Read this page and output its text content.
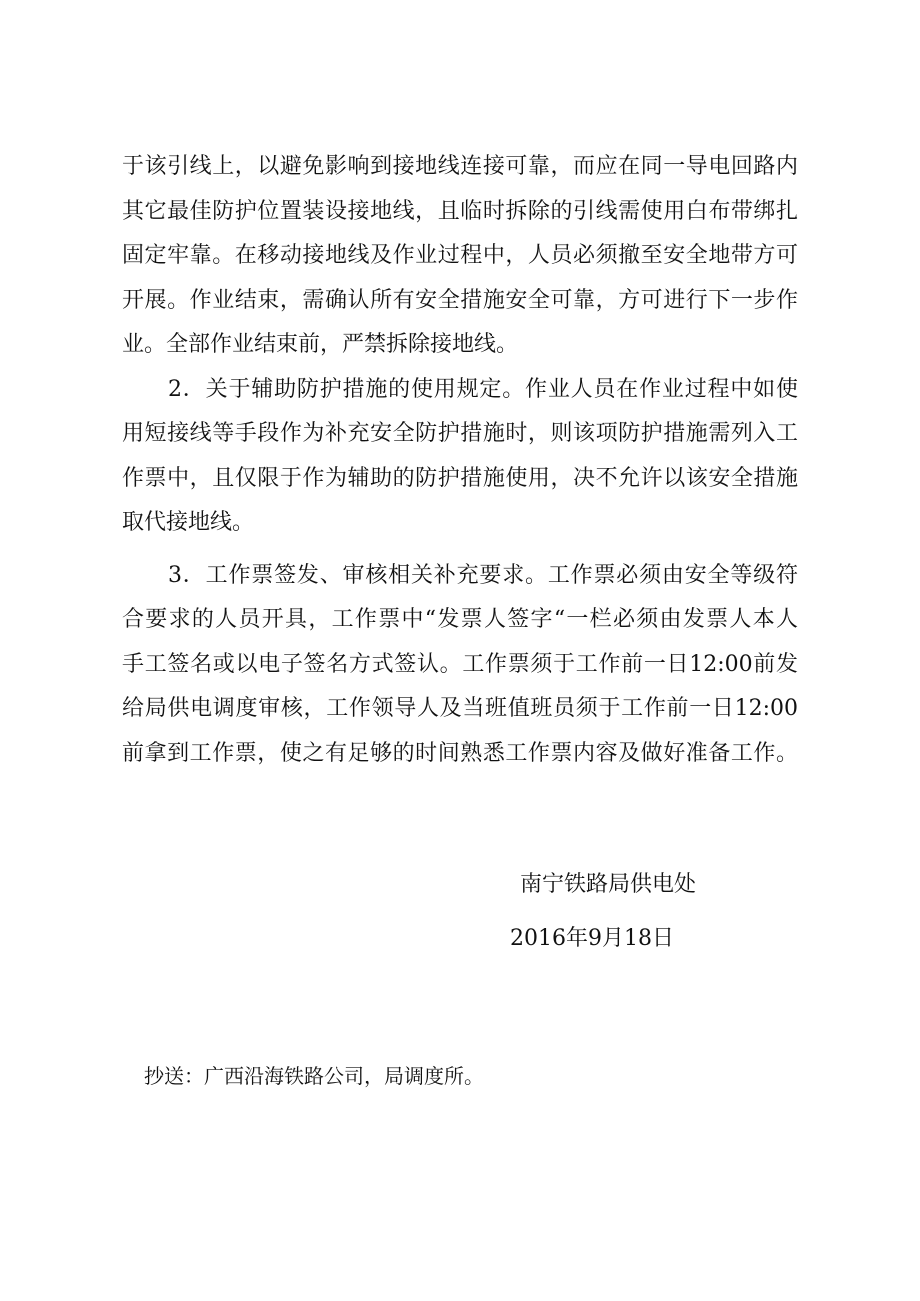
于该引线上，以避免影响到接地线连接可靠，而应在同一导电回路内
其它最佳防护位置装设接地线，且临时拆除的引线需使用白布带绑扎
固定牢靠。在移动接地线及作业过程中，人员必须撤至安全地带方可
开展。作业结束，需确认所有安全措施安全可靠，方可进行下一步作
业。全部作业结束前，严禁拆除接地线。
2．关于辅助防护措施的使用规定。作业人员在作业过程中如使
用短接线等手段作为补充安全防护措施时，则该项防护措施需列入工
作票中，且仅限于作为辅助的防护措施使用，决不允许以该安全措施
取代接地线。
3．工作票签发、审核相关补充要求。工作票必须由安全等级符
合要求的人员开具，工作票中“发票人签字“一栏必须由发票人本人
手工签名或以电子签名方式签认。工作票须于工作前一日12:00前发
给局供电调度审核，工作领导人及当班值班员须于工作前一日12:00
前拿到工作票，使之有足够的时间熟悉工作票内容及做好准备工作。
南宁铁路局供电处
2016年9月18日
抄送：广西沿海铁路公司，局调度所。
